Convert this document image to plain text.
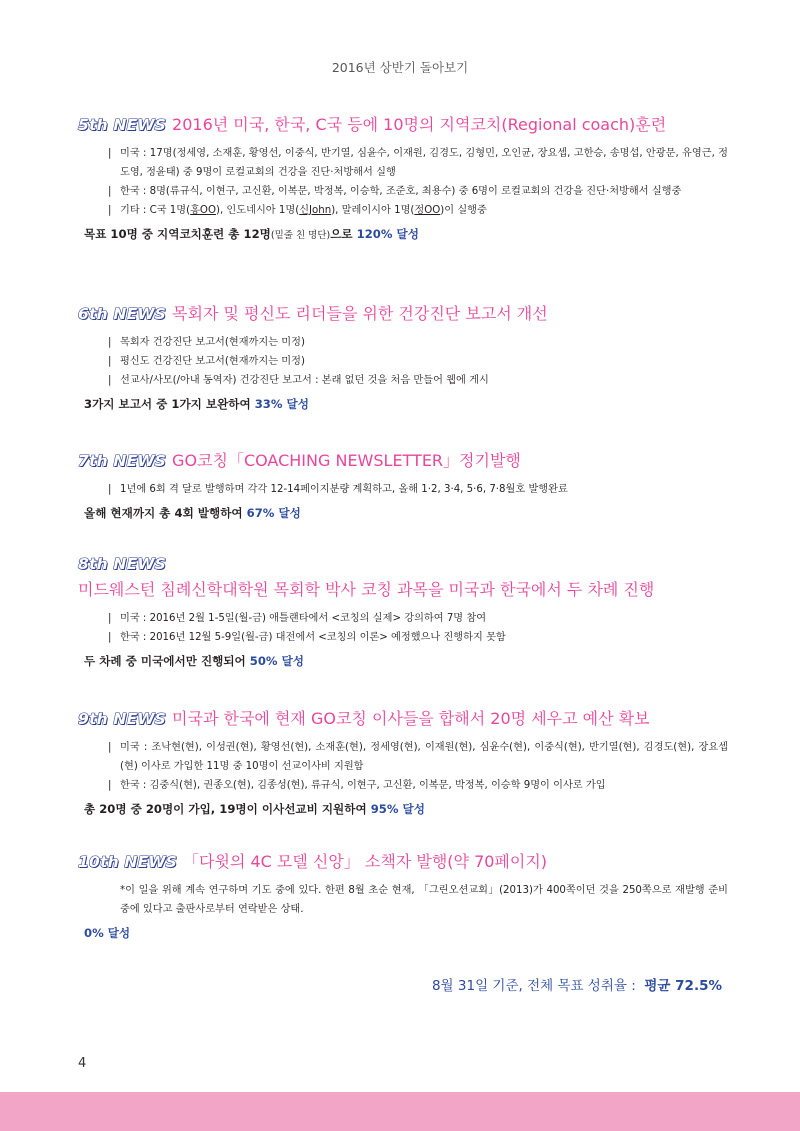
2016년 상반기 돌아보기
5th NEWS 2016년 미국, 한국, C국 등에 10명의 지역코치(Regional coach)훈련
| 미국 : 17명(정세영, 소재훈, 황영선, 이중식, 반기열, 심윤수, 이재원, 김경도, 김형민, 오인균, 장요셉, 고한승, 송명섭, 안광문, 유영근, 정도영, 정윤태) 중 9명이 로컬교회의 건강을 진단·처방해서 실행
| 한국 : 8명(류규식, 이현구, 고신환, 이복문, 박정복, 이승학, 조준호, 최용수) 중 6명이 로컬교회의 건강을 진단·처방해서 실행중
| 기타 : C국 1명(홍OO), 인도네시아 1명(신John), 말레이시아 1명(정OO)이 실행중
목표 10명 중 지역코치훈련 총 12명(밑줄 친 명단)으로 120% 달성
6th NEWS 목회자 및 평신도 리더들을 위한 건강진단 보고서 개선
| 목회자 건강진단 보고서(현재까지는 미정)
| 평신도 건강진단 보고서(현재까지는 미정)
| 선교사/사모(/아내 동역자) 건강진단 보고서 : 본래 없던 것을 처음 만들어 웹에 게시
3가지 보고서 중 1가지 보완하여 33% 달성
7th NEWS GO코칭「COACHING NEWSLETTER」정기발행
| 1년에 6회 격 달로 발행하며 각각 12-14페이지분량 계획하고, 올해 1·2, 3·4, 5·6, 7·8월호 발행완료
올해 현재까지 총 4회 발행하여 67% 달성
8th NEWS
미드웨스턴 침례신학대학원 목회학 박사 코칭 과목을 미국과 한국에서 두 차례 진행
| 미국 : 2016년 2월 1-5일(월-금) 애틀랜타에서 <코칭의 실제> 강의하여 7명 참여
| 한국 : 2016년 12월 5-9일(월-금) 대전에서 <코칭의 이론> 예정했으나 진행하지 못함
두 차례 중 미국에서만 진행되어 50% 달성
9th NEWS 미국과 한국에 현재 GO코칭 이사들을 합해서 20명 세우고 예산 확보
| 미국 : 조낙현(현), 이성권(현), 황영선(현), 소재훈(현), 정세영(현), 이재원(현), 심윤수(현), 이중식(현), 반기열(현), 김경도(현), 장요셉(현) 이사로 가입한 11명 중 10명이 선교이사비 지원함
| 한국 : 김중식(현), 권종오(현), 김종성(현), 류규식, 이현구, 고신환, 이복문, 박정복, 이승학 9명이 이사로 가입
총 20명 중 20명이 가입, 19명이 이사선교비 지원하여 95% 달성
10th NEWS 「다윗의 4C 모델 신앙」 소책자 발행(약 70페이지)
*이 일을 위해 계속 연구하며 기도 중에 있다. 한편 8월 초순 현재, 「그린오션교회」(2013)가 400쪽이던 것을 250쪽으로 재발행 준비 중에 있다고 출판사로부터 연락받은 상태.
0% 달성
8월 31일 기준, 전체 목표 성취율 : 평균 72.5%
4
